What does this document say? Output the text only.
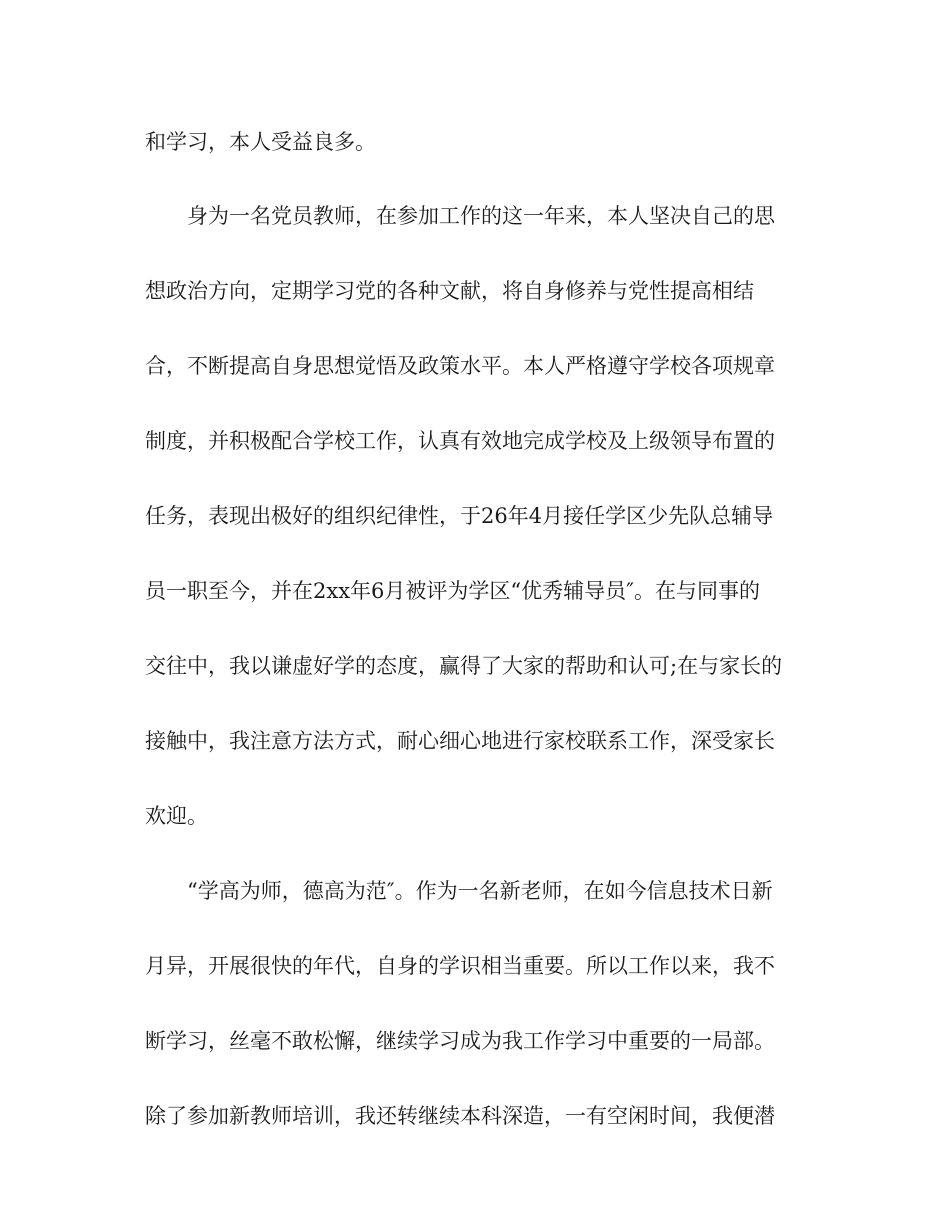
和学习，本人受益良多。
身为一名党员教师，在参加工作的这一年来，本人坚决自己的思
想政治方向，定期学习党的各种文献，将自身修养与党性提高相结
合，不断提高自身思想觉悟及政策水平。本人严格遵守学校各项规章
制度，并积极配合学校工作，认真有效地完成学校及上级领导布置的
任务，表现出极好的组织纪律性，于26年4月接任学区少先队总辅导
员一职至今，并在2xx年6月被评为学区“优秀辅导员″。在与同事的
交往中，我以谦虚好学的态度，赢得了大家的帮助和认可;在与家长的
接触中，我注意方法方式，耐心细心地进行家校联系工作，深受家长
欢迎。
“学高为师，德高为范″。作为一名新老师，在如今信息技术日新
月异，开展很快的年代，自身的学识相当重要。所以工作以来，我不
断学习，丝毫不敢松懈，继续学习成为我工作学习中重要的一局部。
除了参加新教师培训，我还转继续本科深造，一有空闲时间，我便潜
